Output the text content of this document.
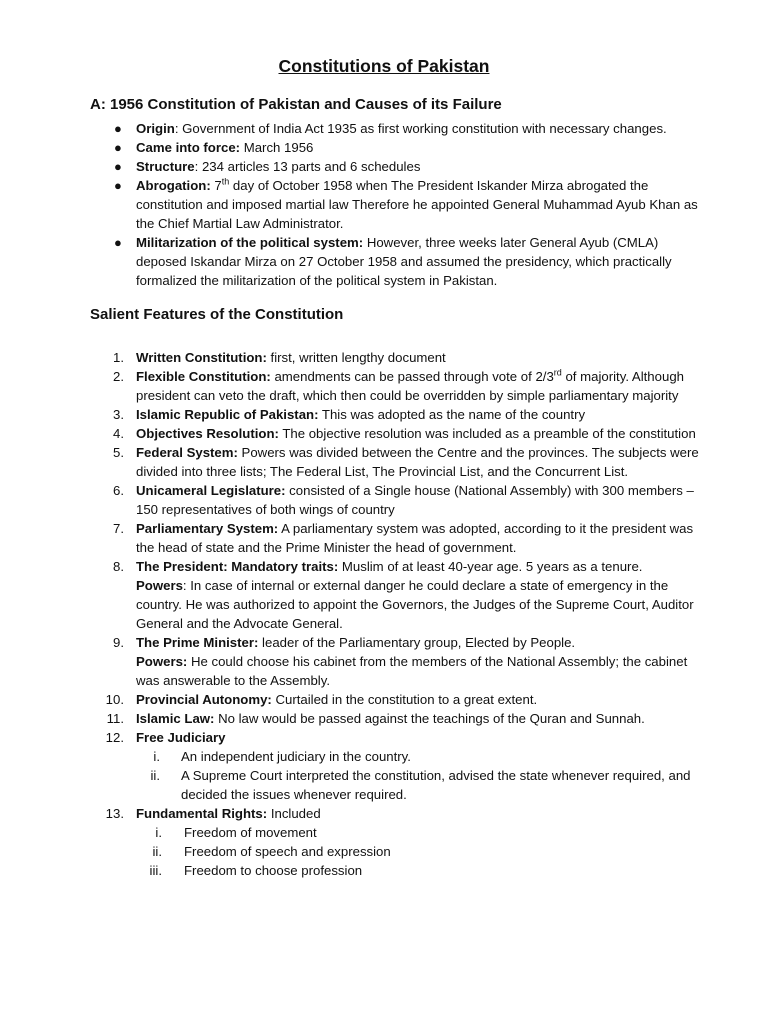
Constitutions of Pakistan
A: 1956 Constitution of Pakistan and Causes of its Failure
● Origin: Government of India Act 1935 as first working constitution with necessary changes.
● Came into force: March 1956
● Structure: 234 articles 13 parts and 6 schedules
● Abrogation: 7th day of October 1958 when The President Iskander Mirza abrogated the constitution and imposed martial law Therefore he appointed General Muhammad Ayub Khan as the Chief Martial Law Administrator.
● Militarization of the political system: However, three weeks later General Ayub (CMLA) deposed Iskandar Mirza on 27 October 1958 and assumed the presidency, which practically formalized the militarization of the political system in Pakistan.
Salient Features of the Constitution
1. Written Constitution: first, written lengthy document
2. Flexible Constitution: amendments can be passed through vote of 2/3rd of majority. Although president can veto the draft, which then could be overridden by simple parliamentary majority
3. Islamic Republic of Pakistan: This was adopted as the name of the country
4. Objectives Resolution: The objective resolution was included as a preamble of the constitution
5. Federal System: Powers was divided between the Centre and the provinces. The subjects were divided into three lists; The Federal List, The Provincial List, and the Concurrent List.
6. Unicameral Legislature: consisted of a Single house (National Assembly) with 300 members –150 representatives of both wings of country
7. Parliamentary System: A parliamentary system was adopted, according to it the president was the head of state and the Prime Minister the head of government.
8. The President: Mandatory traits: Muslim of at least 40-year age. 5 years as a tenure.
Powers: In case of internal or external danger he could declare a state of emergency in the country. He was authorized to appoint the Governors, the Judges of the Supreme Court, Auditor General and the Advocate General.
9. The Prime Minister: leader of the Parliamentary group, Elected by People.
Powers: He could choose his cabinet from the members of the National Assembly; the cabinet was answerable to the Assembly.
10. Provincial Autonomy: Curtailed in the constitution to a great extent.
11. Islamic Law: No law would be passed against the teachings of the Quran and Sunnah.
12. Free Judiciary
i. An independent judiciary in the country.
ii. A Supreme Court interpreted the constitution, advised the state whenever required, and decided the issues whenever required.
13. Fundamental Rights: Included
i. Freedom of movement
ii. Freedom of speech and expression
iii. Freedom to choose profession
